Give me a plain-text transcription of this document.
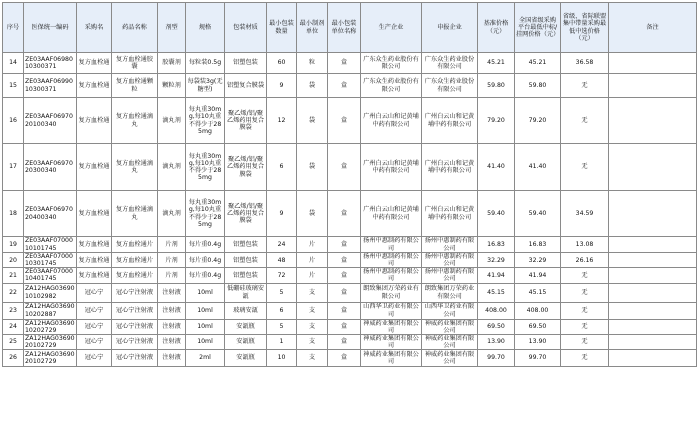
序号	医保统一编码	采购名	药品名称	剂型	规格	包装材质	最小包装数量	最小制剂单位	最小包装单位名称	生产企业	申报企业	基准价格（元）	全国省级采购平台最低中标/挂网价格（元）	省级、省际联盟集中带量采购最低中选价格（元）	备注
14	ZE03AAF0698010300371	复方血栓通	复方血栓通胶囊	胶囊剂	每粒装0.5g	铝塑包装	60	粒	盒	广东众生药业股份有限公司	广东众生药业股份有限公司	45.21	45.21	36.58	
15	ZE03AAF0699010300371	复方血栓通	复方血栓通颗粒	颗粒剂	每袋装3g(无糖型)	铝塑复合膜袋	9	袋	盒	广东众生药业股份有限公司	广东众生药业股份有限公司	59.80	59.80	无	
16	ZE03AAF0697020100340	复方血栓通	复方血栓通滴丸	滴丸剂	每丸重30mg,每10丸重不得少于285mg	聚乙烯/铝/聚乙烯药用复合膜袋	12	袋	盒	广州白云山和记黄埔中药有限公司	广州白云山和记黄埔中药有限公司	79.20	79.20	无	
17	ZE03AAF0697020300340	复方血栓通	复方血栓通滴丸	滴丸剂	每丸重30mg,每10丸重不得少于285mg	聚乙烯/铝/聚乙烯药用复合膜袋	6	袋	盒	广州白云山和记黄埔中药有限公司	广州白云山和记黄埔中药有限公司	41.40	41.40	无	
18	ZE03AAF0697020400340	复方血栓通	复方血栓通滴丸	滴丸剂	每丸重30mg,每10丸重不得少于285mg	聚乙烯/铝/聚乙烯药用复合膜袋	9	袋	盒	广州白云山和记黄埔中药有限公司	广州白云山和记黄埔中药有限公司	59.40	59.40	34.59	
19	ZE03AAF0700010101745	复方血栓通	复方血栓通片	片剂	每片重0.4g	铝塑包装	24	片	盒	扬州中惠制药有限公司	扬州中惠制药有限公司	16.83	16.83	13.08	
20	ZE03AAF0700010301745	复方血栓通	复方血栓通片	片剂	每片重0.4g	铝塑包装	48	片	盒	扬州中惠制药有限公司	扬州中惠制药有限公司	32.29	32.29	26.16	
21	ZE03AAF0700010401745	复方血栓通	复方血栓通片	片剂	每片重0.4g	铝塑包装	72	片	盒	扬州中惠制药有限公司	扬州中惠制药有限公司	41.94	41.94	无	
22	ZA12HAG0369010102982	冠心宁	冠心宁注射液	注射液	10ml	低硼硅玻璃安瓿	5	支	盒	朗致集团万荣药业有限公司	朗致集团万荣药业有限公司	45.15	45.15	无	
23	ZA12HAG0369010202887	冠心宁	冠心宁注射液	注射液	10ml	玻璃安瓿	6	支	盒	山西华卫药业有限公司	山西华卫药业有限公司	408.00	408.00	无	
24	ZA12HAG0369010202729	冠心宁	冠心宁注射液	注射液	10ml	安瓿瓶	5	支	盒	神威药业集团有限公司	神威药业集团有限公司	69.50	69.50	无	
25	ZA12HAG0369020102729	冠心宁	冠心宁注射液	注射液	10ml	安瓿瓶	1	支	盒	神威药业集团有限公司	神威药业集团有限公司	13.90	13.90	无	
26	ZA12HAG0369020102729	冠心宁	冠心宁注射液	注射液	2ml	安瓿瓶	10	支	盒	神威药业集团有限公司	神威药业集团有限公司	99.70	99.70	无	
